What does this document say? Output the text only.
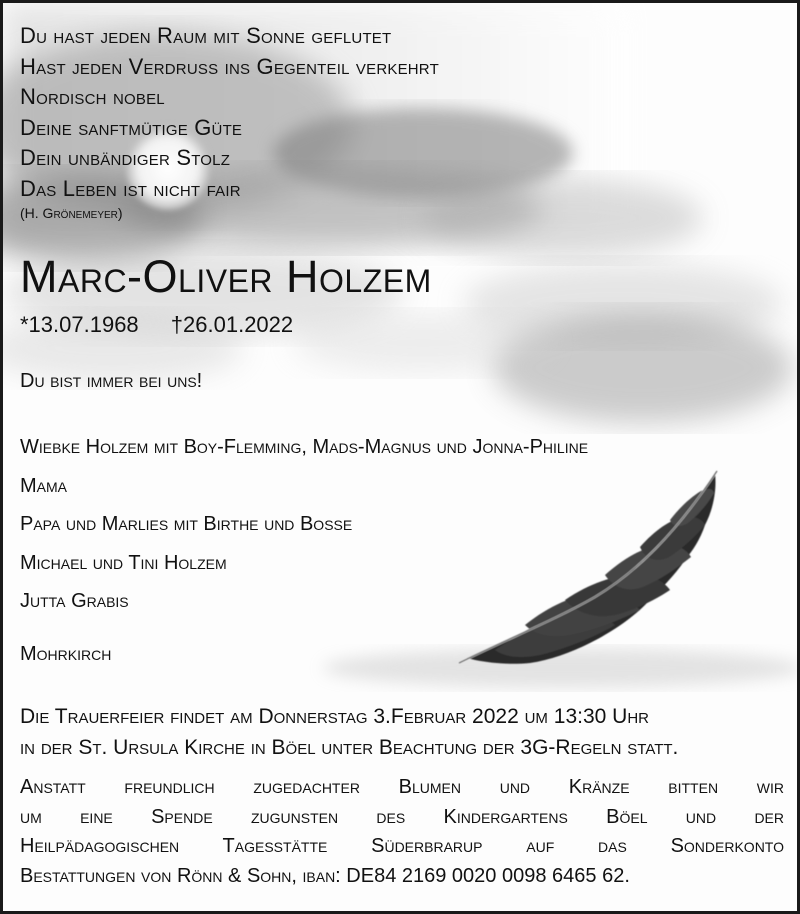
Du hast jeden Raum mit Sonne geflutet
Hast jeden Verdruss ins Gegenteil verkehrt
Nordisch nobel
Deine sanftmütige Güte
Dein unbändiger Stolz
Das Leben ist nicht fair
(H. Grönemeyer)
Marc-Oliver Holzem
*13.07.1968 †26.01.2022
Du bist immer bei uns!
Wiebke Holzem mit Boy-Flemming, Mads-Magnus und Jonna-Philine
Mama
Papa und Marlies mit Birthe und Bosse
Michael und Tini Holzem
Jutta Grabis
Mohrkirch
Die Trauerfeier findet am Donnerstag 3.Februar 2022 um 13:30 Uhr
in der St. Ursula Kirche in Böel unter Beachtung der 3G-Regeln statt.
Anstatt freundlich zugedachter Blumen und Kränze bitten wir
um eine Spende zugunsten des Kindergartens Böel und der
Heilpädagogischen Tagesstätte Süderbrarup auf das Sonderkonto
Bestattungen von Rönn & Sohn, iban: DE84 2169 0020 0098 6465 62.
